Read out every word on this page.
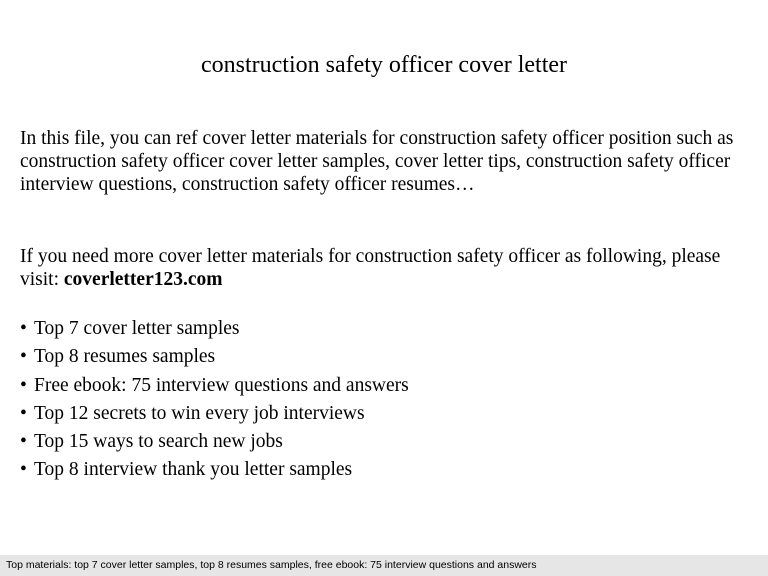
construction safety officer cover letter
In this file, you can ref cover letter materials for construction safety officer position such as construction safety officer cover letter samples, cover letter tips, construction safety officer interview questions, construction safety officer resumes…
If you need more cover letter materials for construction safety officer as following, please visit: coverletter123.com
• Top 7 cover letter samples
• Top 8 resumes samples
• Free ebook: 75 interview questions and answers
• Top 12 secrets to win every job interviews
• Top 15 ways to search new jobs
• Top 8 interview thank you letter samples
Top materials: top 7 cover letter samples, top 8 resumes samples, free ebook: 75 interview questions and answers
